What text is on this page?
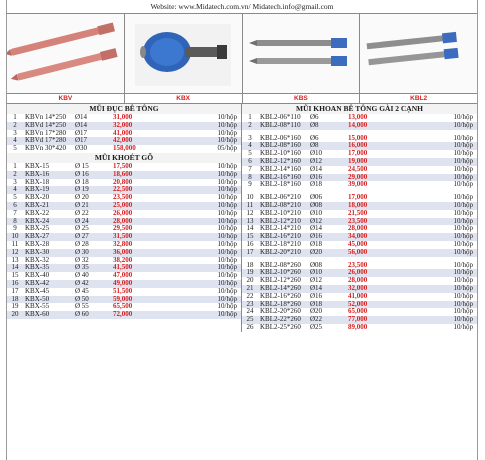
Website: www.Midatech.com.vn/ Midatech.info@gmail.com
KBV	KBX	KBS	KBL2
MŨI ĐỤC BÊ TÔNG
1	KBVn 14*250	Ø14	31,000	10/hộp
2	KBVd 14*250	Ø14	32,000	10/hộp
3	KBVn 17*280	Ø17	41,000	10/hộp
4	KBVd 17*280	Ø17	42,000	10/hộp
5	KBVn 30*420	Ø30	158,000	05/hộp
MŨI KHOÉT GỖ
1	KBX-15	Ø 15	17,500	10/hộp
2	KBX-16	Ø 16	18,600	10/hộp
3	KBX-18	Ø 18	20,800	10/hộp
4	KBX-19	Ø 19	22,500	10/hộp
5	KBX-20	Ø 20	23,500	10/hộp
6	KBX-21	Ø 21	25,000	10/hộp
7	KBX-22	Ø 22	26,000	10/hộp
8	KBX-24	Ø 24	28,000	10/hộp
9	KBX-25	Ø 25	29,500	10/hộp
10 KBX-27	Ø 27	31,500	10/hộp
11 KBX-28	Ø 28	32,800	10/hộp
12 KBX-30	Ø 30	36,000	10/hộp
13 KBX-32	Ø 32	38,200	10/hộp
14 KBX-35	Ø 35	41,500	10/hộp
15 KBX-40	Ø 40	47,000	10/hộp
16 KBX-42	Ø 42	49,000	10/hộp
17 KBX-45	Ø 45	51,500	10/hộp
18 KBX-50	Ø 50	59,000	10/hộp
19 KBX-55	Ø 55	65,500	10/hộp
20 KBX-60	Ø 60	72,000	10/hộp
MŨI KHOAN BÊ TÔNG GÀI 2 CẠNH
1	KBL2-06*110	Ø6	13,000	10/hộp
2	KBL2-08*110	Ø8	14,000	10/hộp
3	KBL2-06*160	Ø6	15,000	10/hộp
4	KBL2-08*160	Ø8	16,000	10/hộp
5	KBL2-10*160	Ø10	17,000	10/hộp
6	KBL2-12*160	Ø12	19,000	10/hộp
7	KBL2-14*160	Ø14	24,500	10/hộp
8	KBL2-16*160	Ø16	29,000	10/hộp
9	KBL2-18*160	Ø18	39,000	10/hộp
10 KBL2-06*210	Ø06	17,000	10/hộp
11 KBL2-08*210	Ø08	18,000	10/hộp
12 KBL2-10*210	Ø10	21,500	10/hộp
13 KBL2-12*210	Ø12	23,500	10/hộp
14 KBL2-14*210	Ø14	28,000	10/hộp
15 KBL2-16*210	Ø16	34,000	10/hộp
16 KBL2-18*210	Ø18	45,000	10/hộp
17 KBL2-20*210	Ø20	56,000	10/hộp
18 KBL2-08*260	Ø08	23,500	10/hộp
19 KBL2-10*260	Ø10	26,000	10/hộp
20 KBL2-12*260	Ø12	28,000	10/hộp
21 KBL2-14*260	Ø14	32,000	10/hộp
22 KBL2-16*260	Ø16	41,000	10/hộp
23 KBL2-18*260	Ø18	52,000	10/hộp
24 KBL2-20*260	Ø20	65,000	10/hộp
25 KBL2-22*260	Ø22	77,000	10/hộp
26 KBL2-25*260	Ø25	89,000	10/hộp
